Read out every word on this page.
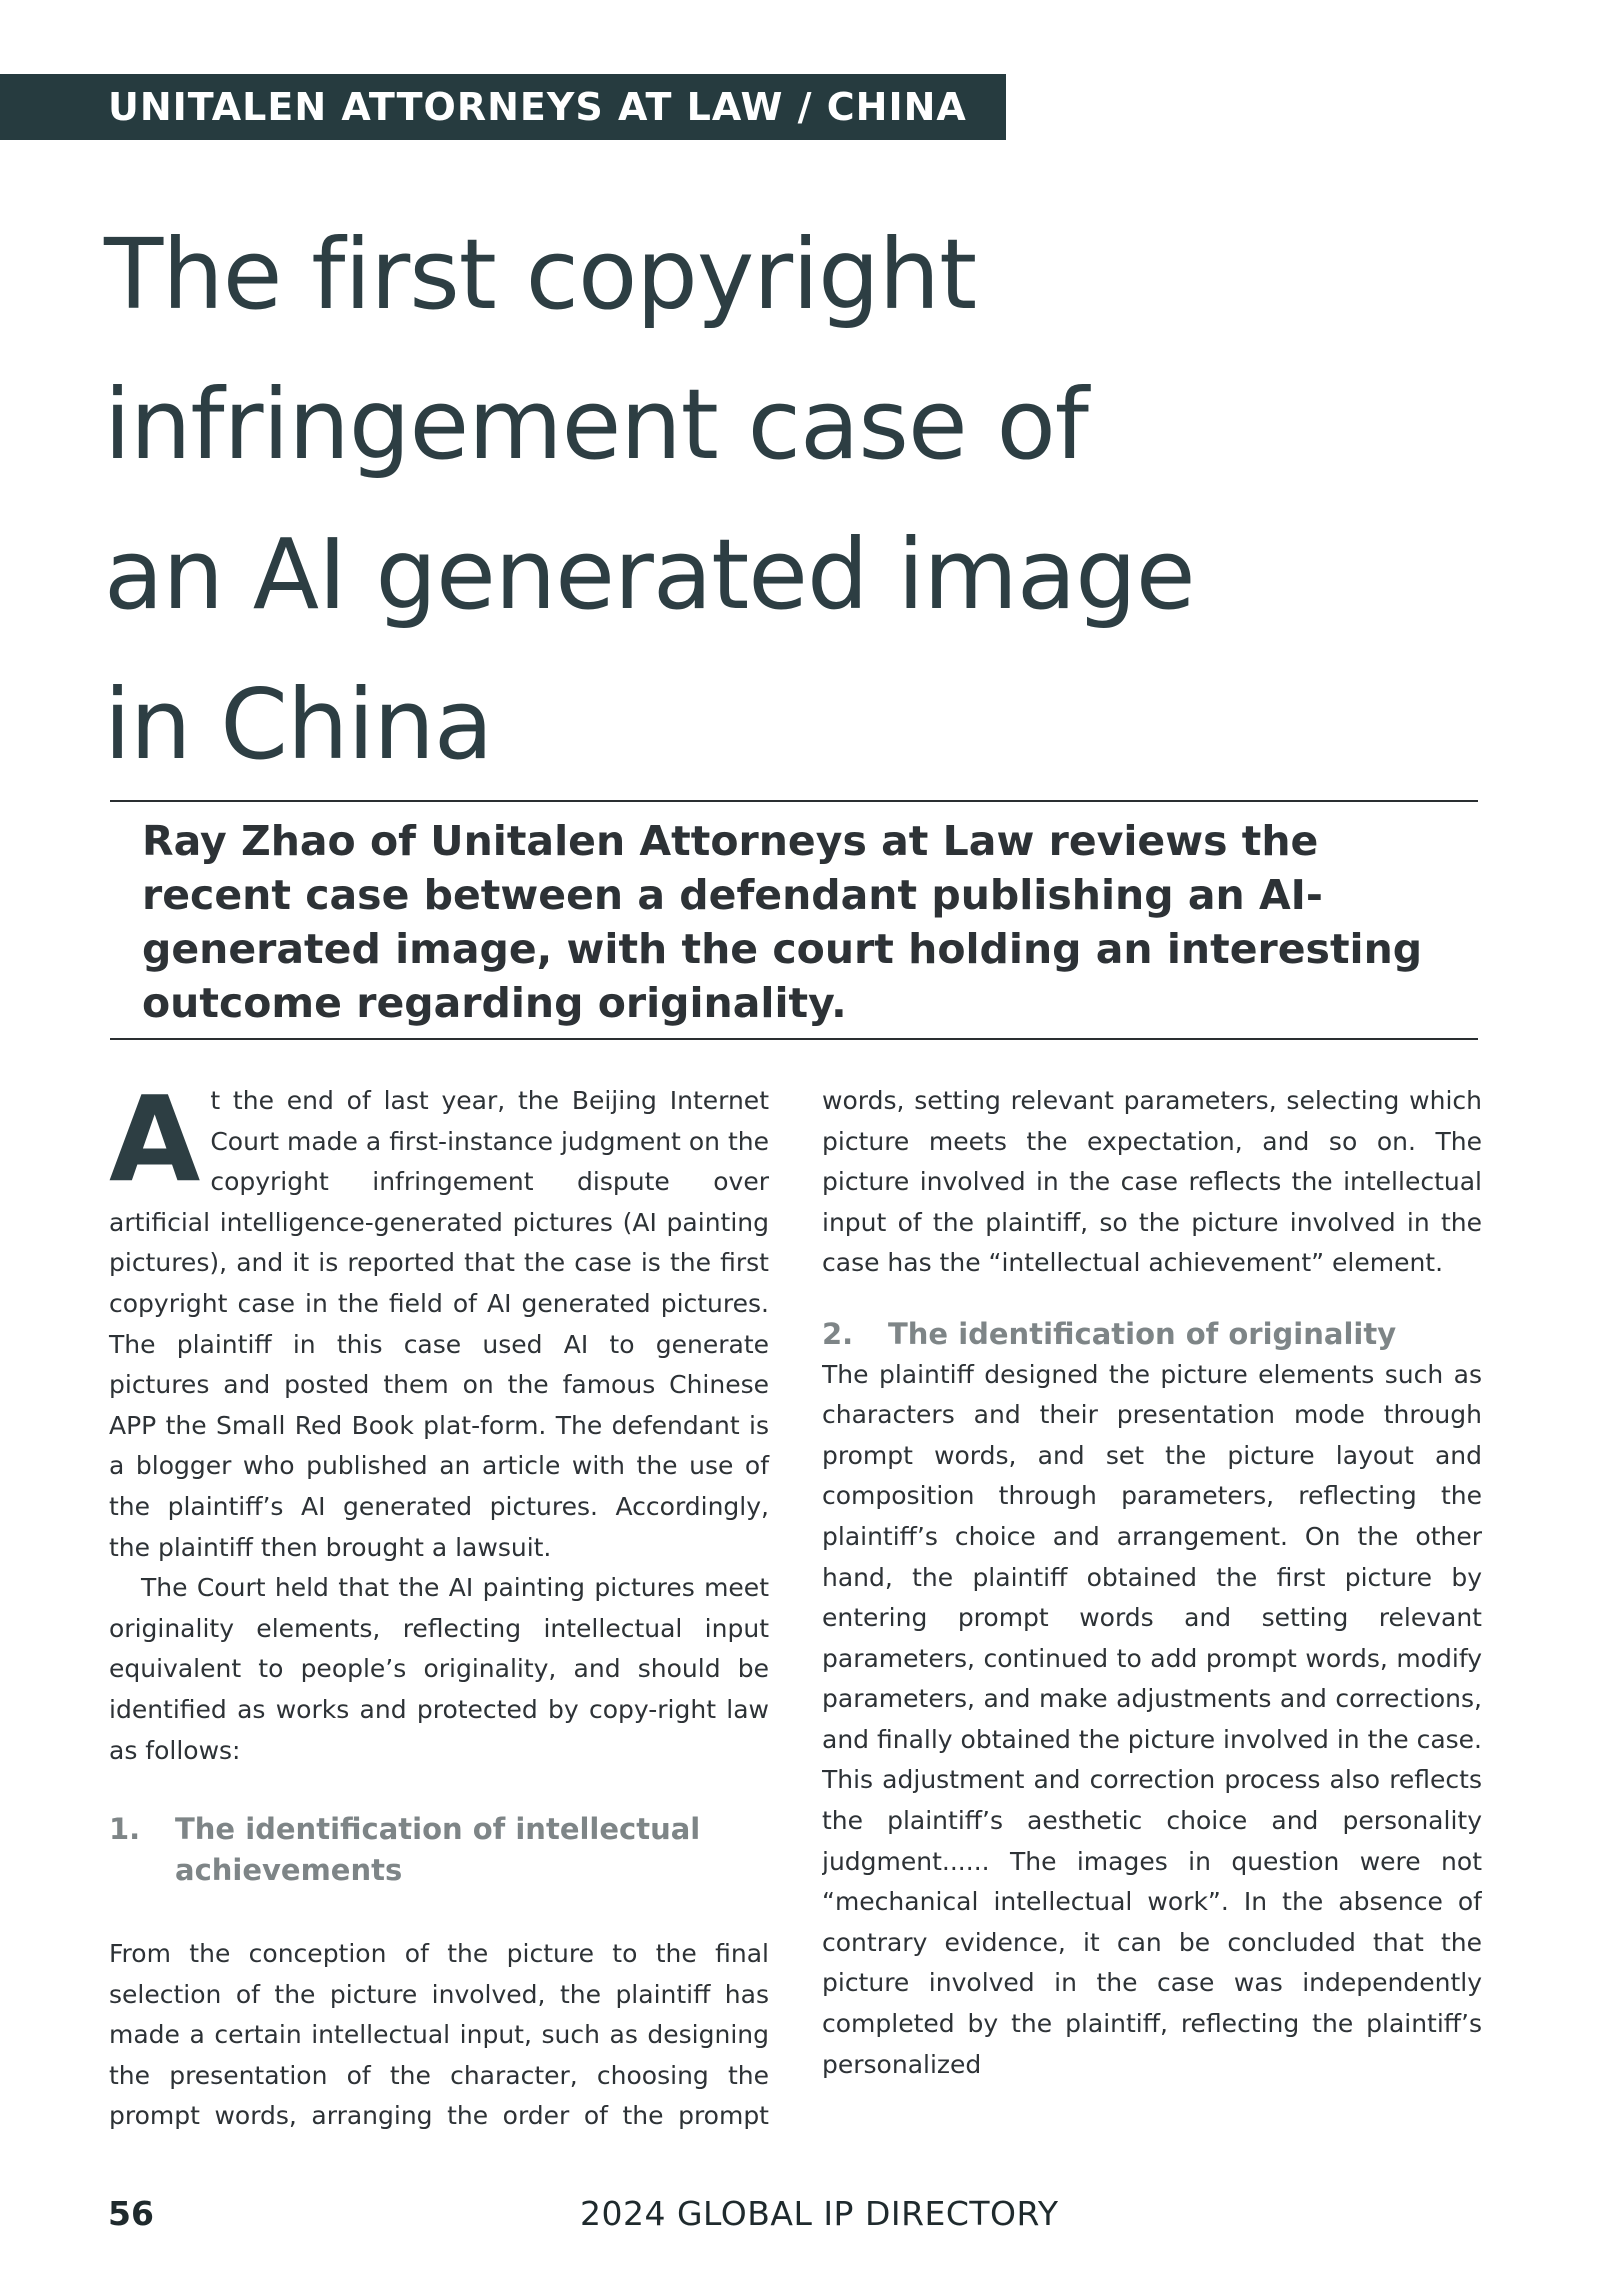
UNITALEN ATTORNEYS AT LAW / CHINA
The first copyright
infringement case of
an AI generated image
in China

Ray Zhao of Unitalen Attorneys at Law reviews the recent case between a defendant publishing an AI-generated image, with the court holding an interesting outcome regarding originality.

A t the end of last year, the Beijing Internet Court made a first-instance judgment on the copyright infringement dispute over artificial intelligence-generated pictures (AI painting pictures), and it is reported that the case is the first copyright case in the field of AI generated pictures. The plaintiff in this case used AI to generate pictures and posted them on the famous Chinese APP the Small Red Book plat-form. The defendant is a blogger who published an article with the use of the plaintiff’s AI generated pictures. Accordingly, the plaintiff then brought a lawsuit.

The Court held that the AI painting pictures meet originality elements, reflecting intellectual input equivalent to people’s originality, and should be identified as works and protected by copy-right law as follows:

1.	The identification of intellectual achievements

From the conception of the picture to the final selection of the picture involved, the plaintiff has made a certain intellectual input, such as designing the presentation of the character, choosing the prompt words, arranging the order of the prompt

words, setting relevant parameters, selecting which picture meets the expectation, and so on. The picture involved in the case reflects the intellectual input of the plaintiff, so the picture involved in the case has the “intellectual achievement” element.

2.	The identification of originality

The plaintiff designed the picture elements such as characters and their presentation mode through prompt words, and set the picture layout and composition through parameters, reflecting the plaintiff’s choice and arrangement. On the other hand, the plaintiff obtained the first picture by entering prompt words and setting relevant parameters, continued to add prompt words, modify parameters, and make adjustments and corrections, and finally obtained the picture involved in the case. This adjustment and correction process also reflects the plaintiff’s aesthetic choice and personality judgment...... The images in question were not “mechanical intellectual work”. In the absence of contrary evidence, it can be concluded that the picture involved in the case was independently completed by the plaintiff, reflecting the plaintiff’s personalized

56	2024 GLOBAL IP DIRECTORY
